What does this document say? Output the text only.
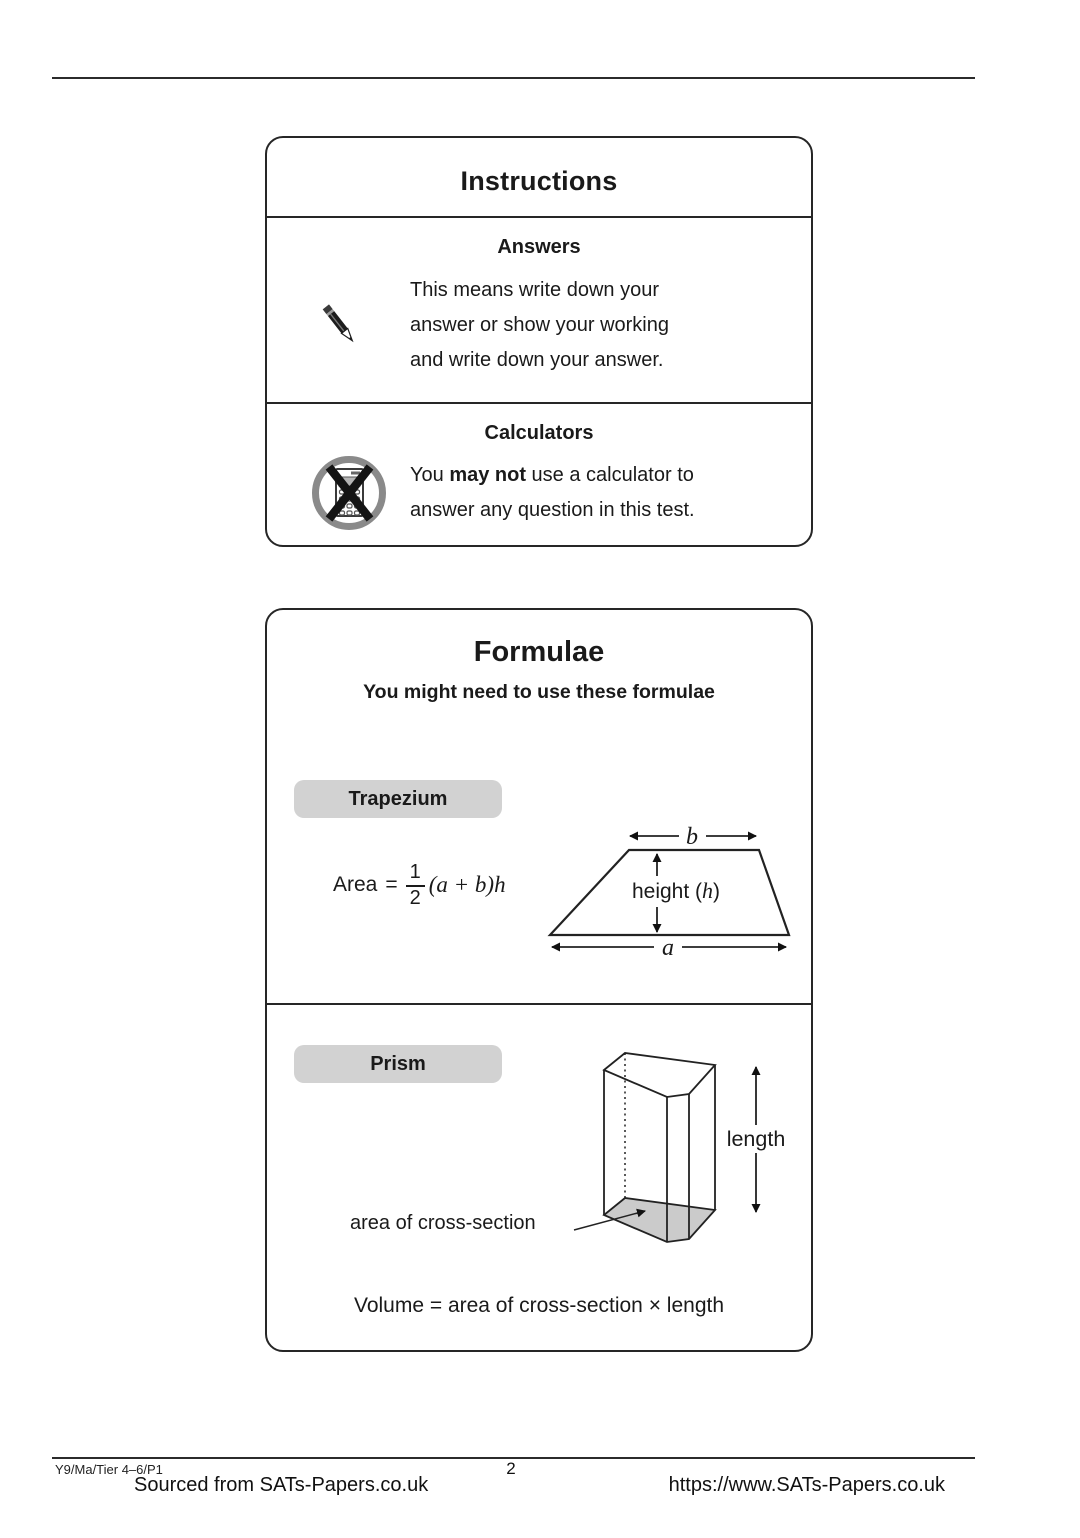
Instructions
Answers
This means write down your
answer or show your working
and write down your answer.
Calculators
You may not use a calculator to
answer any question in this test.
Formulae
You might need to use these formulae
Trapezium
Area = $\frac{1}{2} (a + b)h$
b
height (h)
a
Prism
length
area of cross-section
Volume = area of cross-section × length
Y9/Ma/Tier 4–6/P1
Sourced from SATs-Papers.co.uk
2
https://www.SATs-Papers.co.uk
